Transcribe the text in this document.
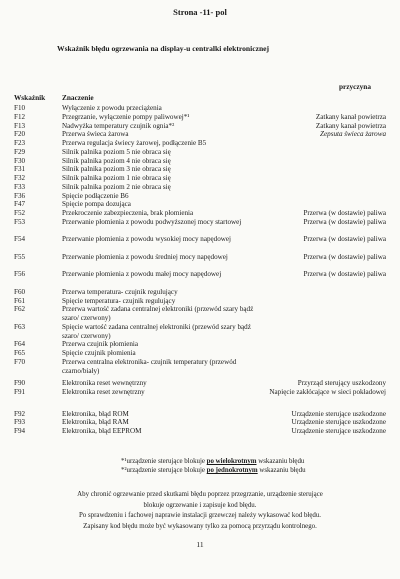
Strona -11- pol
Wskaźnik błędu ogrzewania na display-u centralki elektronicznej
Wskaźnik Znaczenie
przyczyna
F10	Wyłączenie z powodu przeciążenia
F12	Przegrzanie, wyłączenie pompy paliwowej*¹	Zatkany kanał powietrza
F13	Nadwyżka temperatury czujnik ognia*²	Zatkany kanał powietrza
F20	Przerwa świeca żarowa	Zepsuta świeca żarowa
F23	Przerwa regulacja świecy żarowej, podłączenie B5
F29	Silnik palnika poziom 5 nie obraca się
F30	Silnik palnika poziom 4 nie obraca się
F31	Silnik palnika poziom 3 nie obraca się
F32	Silnik palnika poziom 1 nie obraca się
F33	Silnik palnika poziom 2 nie obraca się
F36	Spięcie podłączenie B6
F47	Spięcie pompa dozująca
F52	Przekroczenie zabezpieczenia, brak płomienia	Przerwa (w dostawie) paliwa
F53	Przerwanie płomienia z powodu podwyższonej mocy startowej	Przerwa (w dostawie) paliwa
F54	Przerwanie płomienia z powodu wysokiej mocy napędowej	Przerwa (w dostawie) paliwa
F55	Przerwanie płomienia z powodu średniej mocy napędowej	Przerwa (w dostawie) paliwa
F56	Przerwanie płomienia z powodu małej mocy napędowej	Przerwa (w dostawie) paliwa
F60	Przerwa temperatura- czujnik regulujący
F61	Spięcie temperatura- czujnik regulujący
F62	Przerwa wartość zadana centralnej elektroniki (przewód szary bądź szaro/ czerwony)
F63	Spięcie wartość zadana centralnej elektroniki (przewód szary bądź szaro/ czerwony)
F64	Przerwa czujnik płomienia
F65	Spięcie czujnik płomienia
F70	Przerwa centralna elektronika- czujnik temperatury (przewód czarno/biały)
F90	Elektronika reset wewnętrzny	Przyrząd sterujący uszkodzony
F91	Elektronika reset zewnętrzny	Napięcie zakłócające w sieci pokładowej
F92	Elektronika, błąd ROM	Urządzenie sterujące uszkodzone
F93	Elektronika, błąd RAM	Urządzenie sterujące uszkodzone
F94	Elektronika, błąd EEPROM	Urządzenie sterujące uszkodzone
*¹urządzenie sterujące blokuje po wielokrotnym wskazaniu błędu
*²urządzenie sterujące blokuje po jednokrotnym wskazaniu błędu
Aby chronić ogrzewanie przed skutkami błędu poprzez przegrzanie, urządzenie sterujące
blokuje ogrzewanie i zapisuje kod błędu.
Po sprawdzeniu i fachowej naprawie instalacji grzewczej należy wykasować kod błędu.
Zapisany kod błędu może być wykasowany tylko za pomocą przyrządu kontrolnego.
11
